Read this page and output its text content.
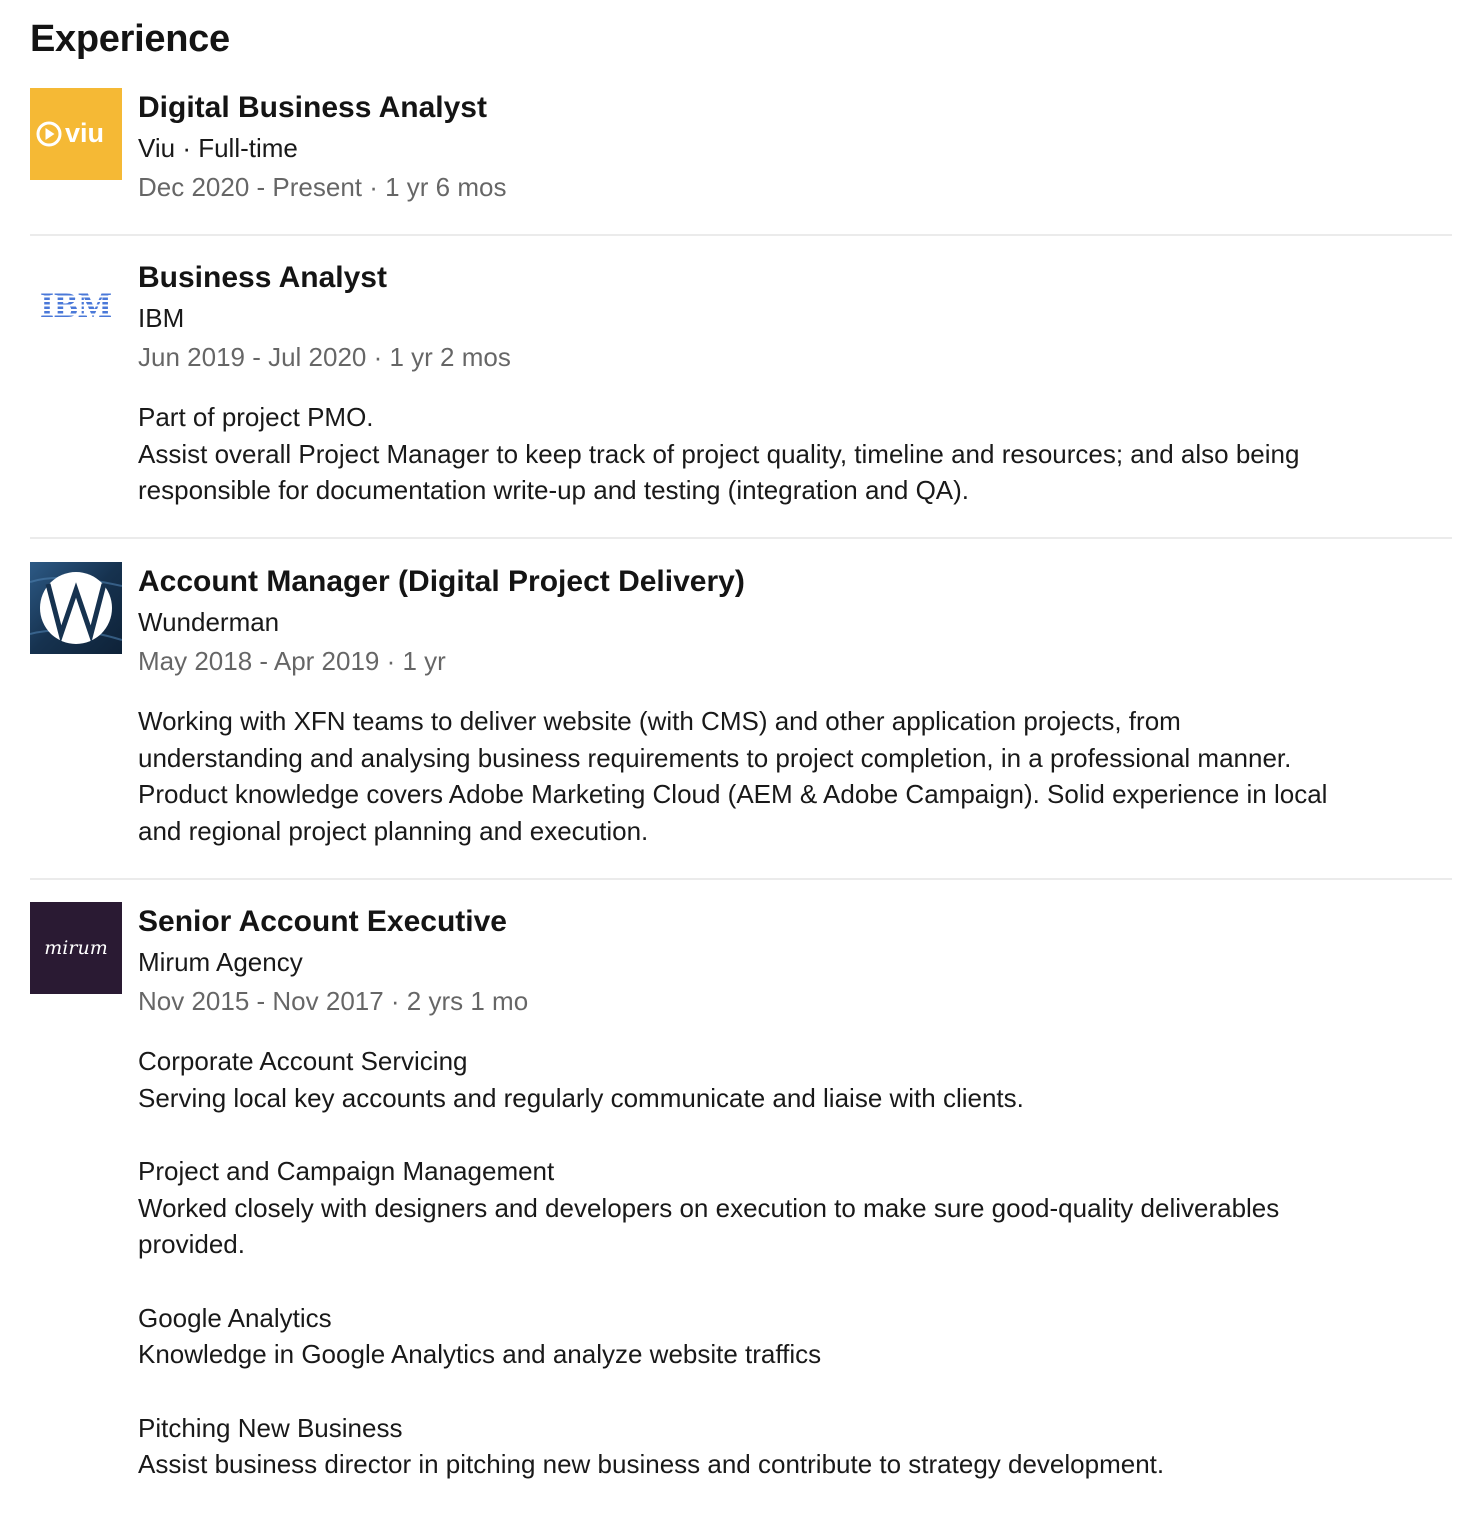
Experience
viu
Digital Business Analyst
Viu · Full-time
Dec 2020 - Present · 1 yr 6 mos
Business Analyst
IBM
Jun 2019 - Jul 2020 · 1 yr 2 mos

Part of project PMO.
Assist overall Project Manager to keep track of project quality, timeline and resources; and also being
responsible for documentation write-up and testing (integration and QA).

Account Manager (Digital Project Delivery)
Wunderman
May 2018 - Apr 2019 · 1 yr

Working with XFN teams to deliver website (with CMS) and other application projects, from
understanding and analysing business requirements to project completion, in a professional manner.
Product knowledge covers Adobe Marketing Cloud (AEM & Adobe Campaign). Solid experience in local
and regional project planning and execution.

mirum
Senior Account Executive
Mirum Agency
Nov 2015 - Nov 2017 · 2 yrs 1 mo

Corporate Account Servicing
Serving local key accounts and regularly communicate and liaise with clients.

Project and Campaign Management
Worked closely with designers and developers on execution to make sure good-quality deliverables
provided.

Google Analytics
Knowledge in Google Analytics and analyze website traffics

Pitching New Business
Assist business director in pitching new business and contribute to strategy development.
